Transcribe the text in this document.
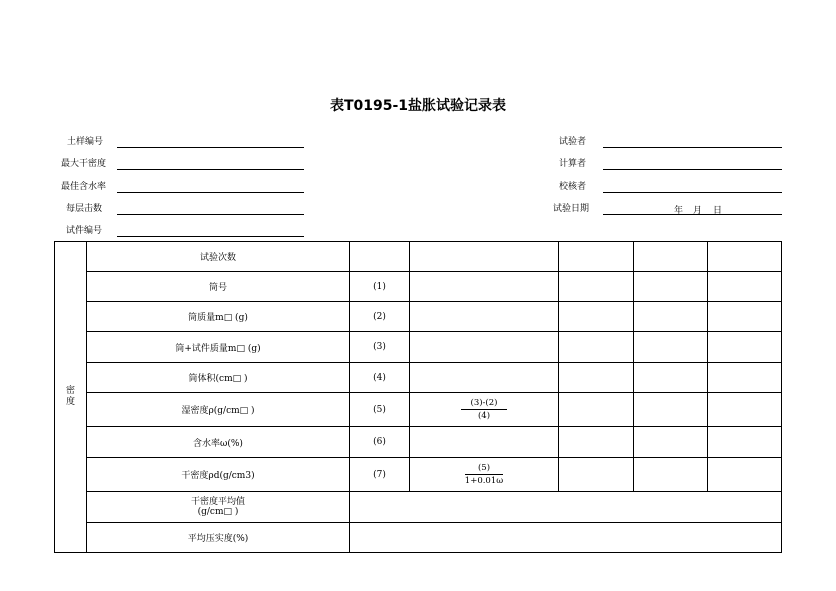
表T0195-1盐胀试验记录表
土样编号
最大干密度
最佳含水率
每层击数
试件编号
试验者
计算者
校核者
试验日期	年 月 日
密
度	试验次数					
	筒号	(1)				
	筒质量m□ (g)	(2)				
	筒+试件质量m□ (g)	(3)				
	筒体积(cm□ )	(4)				
	湿密度ρ(g/cm□ )	(5)	$\frac{(3)-(2)}{(4)}$

	含水率ω(%)	(6)				
	干密度ρd(g/cm3)	(7)	$\frac{(5)}{1+0.01\omega}$

	干密度平均值
(g/cm□ )					
	平均压实度(%)					
